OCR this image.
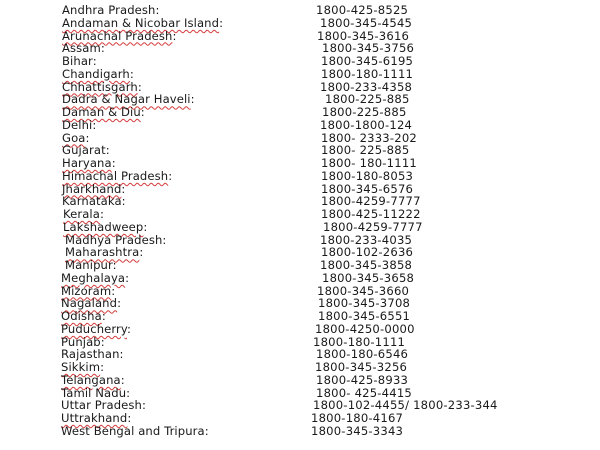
Andhra Pradesh:	1800-425-8525
Andaman & Nicobar Island:	1800-345-4545
Arunachal Pradesh:	1800-345-3616
Assam:	1800-345-3756
Bihar:	1800-345-6195
Chandigarh:	1800-180-1111
Chhattisgarh:	1800-233-4358
Dadra & Nagar Haveli:	1800-225-885
Daman & Diu:	1800-225-885
Delhi:	1800-1800-124
Goa:	1800- 2333-202
Gujarat:	1800- 225-885
Haryana:	1800- 180-1111
Himachal Pradesh:	1800-180-8053
Jharkhand:	1800-345-6576
Karnataka:	1800-4259-7777
Kerala:	1800-425-11222
Lakshadweep:	1800-4259-7777
Madhya Pradesh:	1800-233-4035
Maharashtra:	1800-102-2636
Manipur:	1800-345-3858
Meghalaya:	1800-345-3658
Mizoram:	1800-345-3660
Nagaland:	1800-345-3708
Odisha:	1800-345-6551
Puducherry:	1800-4250-0000
Punjab:	1800-180-1111
Rajasthan:	1800-180-6546
Sikkim:	1800-345-3256
Telangana:	1800-425-8933
Tamil Nadu:	1800- 425-4415
Uttar Pradesh:	1800-102-4455/ 1800-233-344
Uttrakhand:	1800-180-4167
West Bengal and Tripura:	1800-345-3343
